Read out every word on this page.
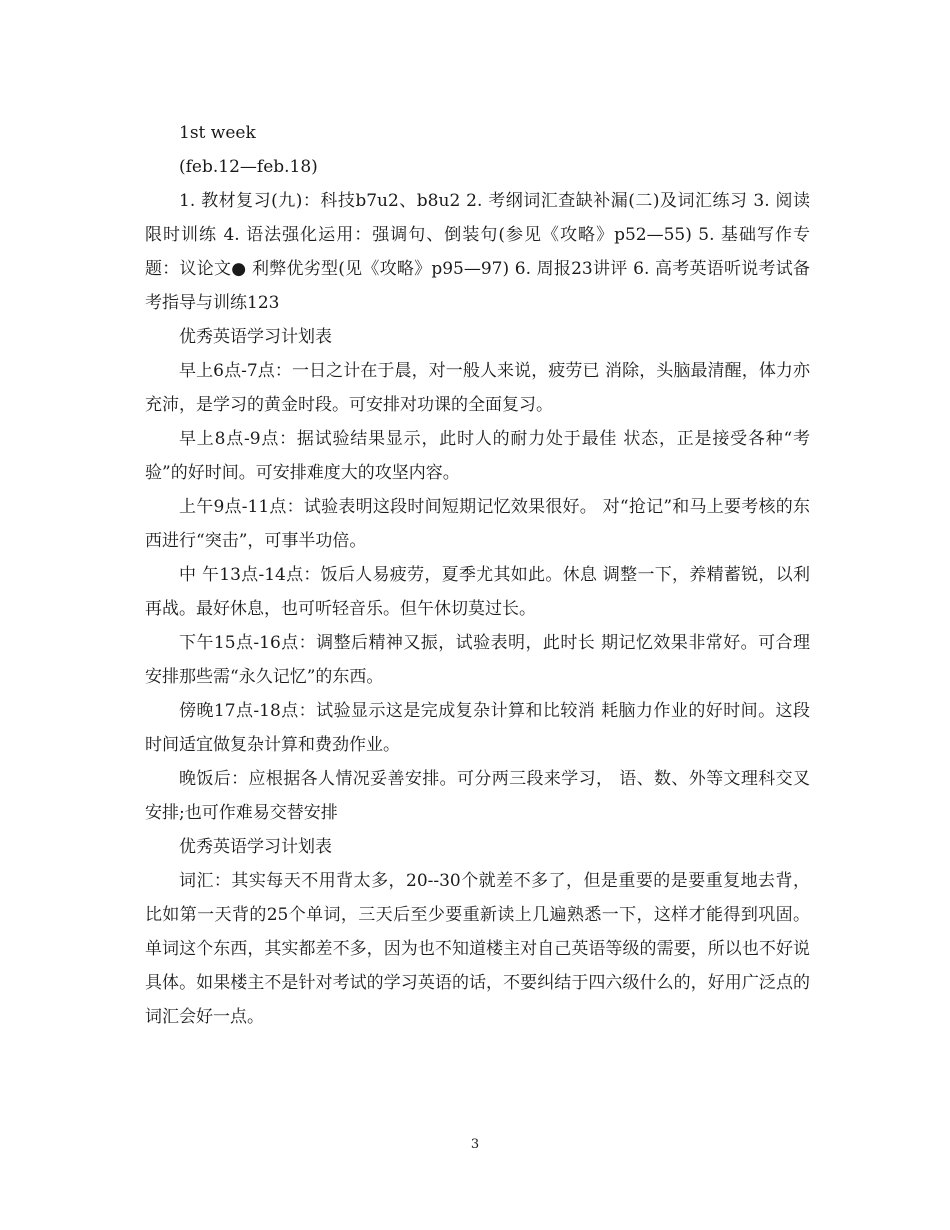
1st week

(feb.12—feb.18)

1. 教材复习(九)：科技b7u2、b8u2 2. 考纲词汇查缺补漏(二)及词汇练习 3. 阅读限时训练 4. 语法强化运用：强调句、倒装句(参见《攻略》p52—55) 5. 基础写作专题：议论文● 利弊优劣型(见《攻略》p95—97) 6. 周报23讲评 6. 高考英语听说考试备考指导与训练123

优秀英语学习计划表

早上6点-7点：一日之计在于晨，对一般人来说，疲劳已 消除，头脑最清醒，体力亦充沛，是学习的黄金时段。可安排对功课的全面复习。

早上8点-9点：据试验结果显示，此时人的耐力处于最佳 状态，正是接受各种“考验”的好时间。可安排难度大的攻坚内容。

上午9点-11点：试验表明这段时间短期记忆效果很好。 对“抢记”和马上要考核的东西进行“突击”，可事半功倍。

中 午13点-14点：饭后人易疲劳，夏季尤其如此。休息 调整一下，养精蓄锐，以利再战。最好休息，也可听轻音乐。但午休切莫过长。

下午15点-16点：调整后精神又振，试验表明，此时长 期记忆效果非常好。可合理安排那些需“永久记忆”的东西。

傍晚17点-18点：试验显示这是完成复杂计算和比较消 耗脑力作业的好时间。这段时间适宜做复杂计算和费劲作业。

晚饭后：应根据各人情况妥善安排。可分两三段来学习， 语、数、外等文理科交叉安排;也可作难易交替安排

优秀英语学习计划表

词汇：其实每天不用背太多，20--30个就差不多了，但是重要的是要重复地去背，比如第一天背的25个单词，三天后至少要重新读上几遍熟悉一下，这样才能得到巩固。单词这个东西，其实都差不多，因为也不知道楼主对自己英语等级的需要，所以也不好说具体。如果楼主不是针对考试的学习英语的话，不要纠结于四六级什么的，好用广泛点的词汇会好一点。

3
